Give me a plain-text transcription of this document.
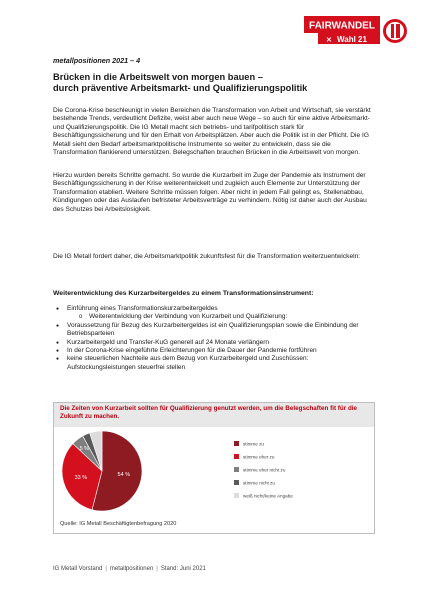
FAIRWANDEL
✕ Wahl 21
metallpositionen 2021 – 4
Brücken in die Arbeitswelt von morgen bauen –
durch präventive Arbeitsmarkt- und Qualifizierungspolitik
Die Corona-Krise beschleunigt in vielen Bereichen die Transformation von Arbeit und Wirtschaft, sie verstärkt bestehende Trends, verdeutlicht Defizite, weist aber auch neue Wege – so auch für eine aktive Arbeitsmarkt- und Qualifizierungspolitik. Die IG Metall macht sich betriebs- und tarifpolitisch stark für Beschäftigungssicherung und für den Erhalt von Arbeitsplätzen. Aber auch die Politik ist in der Pflicht. Die IG Metall sieht den Bedarf arbeitsmarktpolitische Instrumente so weiter zu entwickeln, dass sie die Transformation flankierend unterstützen. Belegschaften brauchen Brücken in die Arbeitswelt von morgen.
Hierzu wurden bereits Schritte gemacht. So wurde die Kurzarbeit im Zuge der Pandemie als Instrument der Beschäftigungssicherung in der Krise weiterentwickelt und zugleich auch Elemente zur Unterstützung der Transformation etabliert. Weitere Schritte müssen folgen. Aber nicht in jedem Fall gelingt es, Stellenabbau, Kündigungen oder das Auslaufen befristeter Arbeitsverträge zu verhindern. Nötig ist daher auch der Ausbau des Schutzes bei Arbeitslosigkeit.
Die IG Metall fordert daher, die Arbeitsmarktpolitik zukunftsfest für die Transformation weiterzuentwickeln:
Weiterentwicklung des Kurzarbeitergeldes zu einem Transformationsinstrument:
● Einführung eines Transformationskurzarbeitergeldes
o Weiterentwicklung der Verbindung von Kurzarbeit und Qualifizierung:
● Voraussetzung für Bezug des Kurzarbeitergeldes ist ein Qualifizierungsplan sowie die Einbindung der Betriebsparteien
● Kurzarbeitergeld und Transfer-KuG generell auf 24 Monate verlängern
● In der Corona-Krise eingeführte Erleichterungen für die Dauer der Pandemie fortführen
● keine steuerlichen Nachteile aus dem Bezug von Kurzarbeitergeld und Zuschüssen: Aufstockungsleistungen steuerfrei stellen
Die Zeiten von Kurzarbeit sollten für Qualifizierung genutzt werden, um die Belegschaften fit für die Zukunft zu machen.
54 %
33 %
5 %
stimme zu
stimme eher zu
stimme eher nicht zu
stimme nicht zu
weiß nicht/keine Angabe
Quelle: IG Metall Beschäftigtenbefragung 2020
IG Metall Vorstand | metallpositionen | Stand: Juni 2021
